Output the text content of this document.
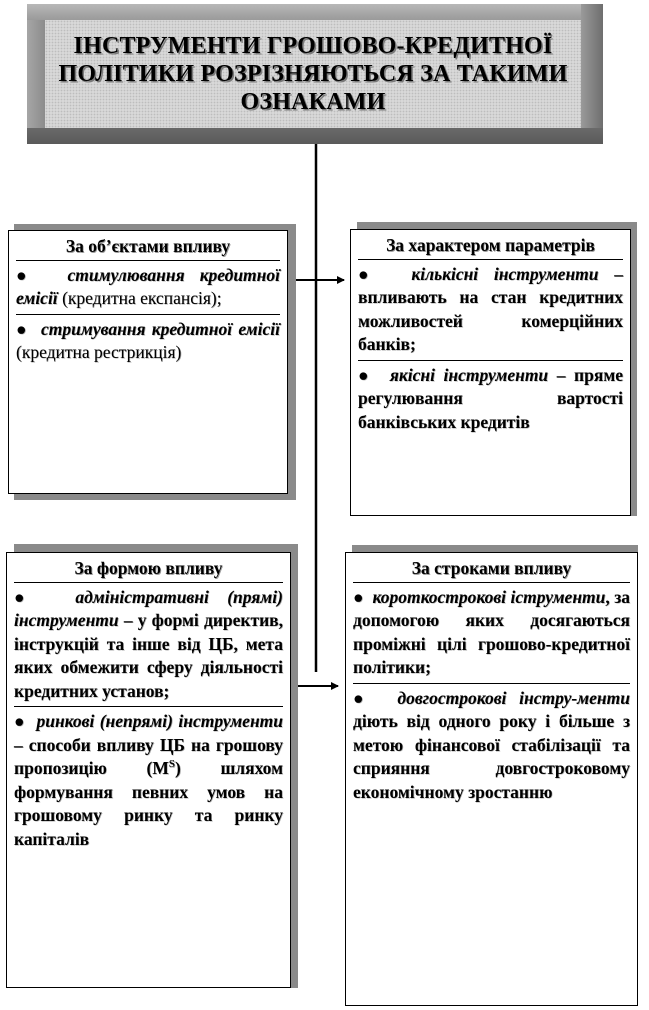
ІНСТРУМЕНТИ ГРОШОВО-КРЕДИТНОЇ ПОЛІТИКИ РОЗРІЗНЯЮТЬСЯ ЗА ТАКИМИ ОЗНАКАМИ

За об’єктами впливу

● стимулювання кредитної емісії (кредитна експансія);

● стримування кредитної емісії (кредитна рестрикція)

За характером параметрів

● кількісні інструменти – впливають на стан кредитних можливостей комерційних банків;

● якісні інструменти – пряме регулювання вартості банківських кредитів

За формою впливу

● адміністративні (прямі) інструменти – у формі директив, інструкцій та інше від ЦБ, мета яких обмежити сферу діяльності кредитних установ;

● ринкові (непрямі) інструменти – способи впливу ЦБ на грошову пропозицію $(M^S)$ шляхом формування певних умов на грошовому ринку та ринку капіталів

За строками впливу

● короткострокові іструменти, за допомогою яких досягаються проміжні цілі грошово-кредитної політики;

● довгострокові інстру-менти діють від одного року і більше з метою фінансової стабілізації та сприяння довгостроковому економічному зростанню
